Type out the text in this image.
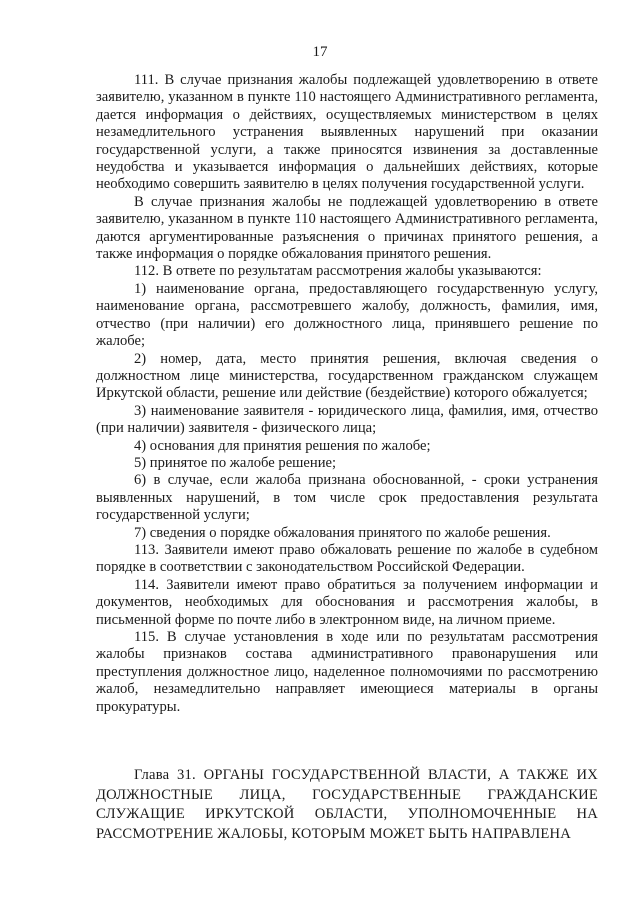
17

111. В случае признания жалобы подлежащей удовлетворению в ответе заявителю, указанном в пункте 110 настоящего Административного регламента, дается информация о действиях, осуществляемых министерством в целях незамедлительного устранения выявленных нарушений при оказании государственной услуги, а также приносятся извинения за доставленные неудобства и указывается информация о дальнейших действиях, которые необходимо совершить заявителю в целях получения государственной услуги.

В случае признания жалобы не подлежащей удовлетворению в ответе заявителю, указанном в пункте 110 настоящего Административного регламента, даются аргументированные разъяснения о причинах принятого решения, а также информация о порядке обжалования принятого решения.

112. В ответе по результатам рассмотрения жалобы указываются:

1) наименование органа, предоставляющего государственную услугу, наименование органа, рассмотревшего жалобу, должность, фамилия, имя, отчество (при наличии) его должностного лица, принявшего решение по жалобе;

2) номер, дата, место принятия решения, включая сведения о должностном лице министерства, государственном гражданском служащем Иркутской области, решение или действие (бездействие) которого обжалуется;

3) наименование заявителя - юридического лица, фамилия, имя, отчество (при наличии) заявителя - физического лица;

4) основания для принятия решения по жалобе;

5) принятое по жалобе решение;

6) в случае, если жалоба признана обоснованной, - сроки устранения выявленных нарушений, в том числе срок предоставления результата государственной услуги;

7) сведения о порядке обжалования принятого по жалобе решения.

113. Заявители имеют право обжаловать решение по жалобе в судебном порядке в соответствии с законодательством Российской Федерации.

114. Заявители имеют право обратиться за получением информации и документов, необходимых для обоснования и рассмотрения жалобы, в письменной форме по почте либо в электронном виде, на личном приеме.

115. В случае установления в ходе или по результатам рассмотрения жалобы признаков состава административного правонарушения или преступления должностное лицо, наделенное полномочиями по рассмотрению жалоб, незамедлительно направляет имеющиеся материалы в органы прокуратуры.

Глава 31. ОРГАНЫ ГОСУДАРСТВЕННОЙ ВЛАСТИ, А ТАКЖЕ ИХ ДОЛЖНОСТНЫЕ ЛИЦА, ГОСУДАРСТВЕННЫЕ ГРАЖДАНСКИЕ СЛУЖАЩИЕ ИРКУТСКОЙ ОБЛАСТИ, УПОЛНОМОЧЕННЫЕ НА РАССМОТРЕНИЕ ЖАЛОБЫ, КОТОРЫМ МОЖЕТ БЫТЬ НАПРАВЛЕНА
